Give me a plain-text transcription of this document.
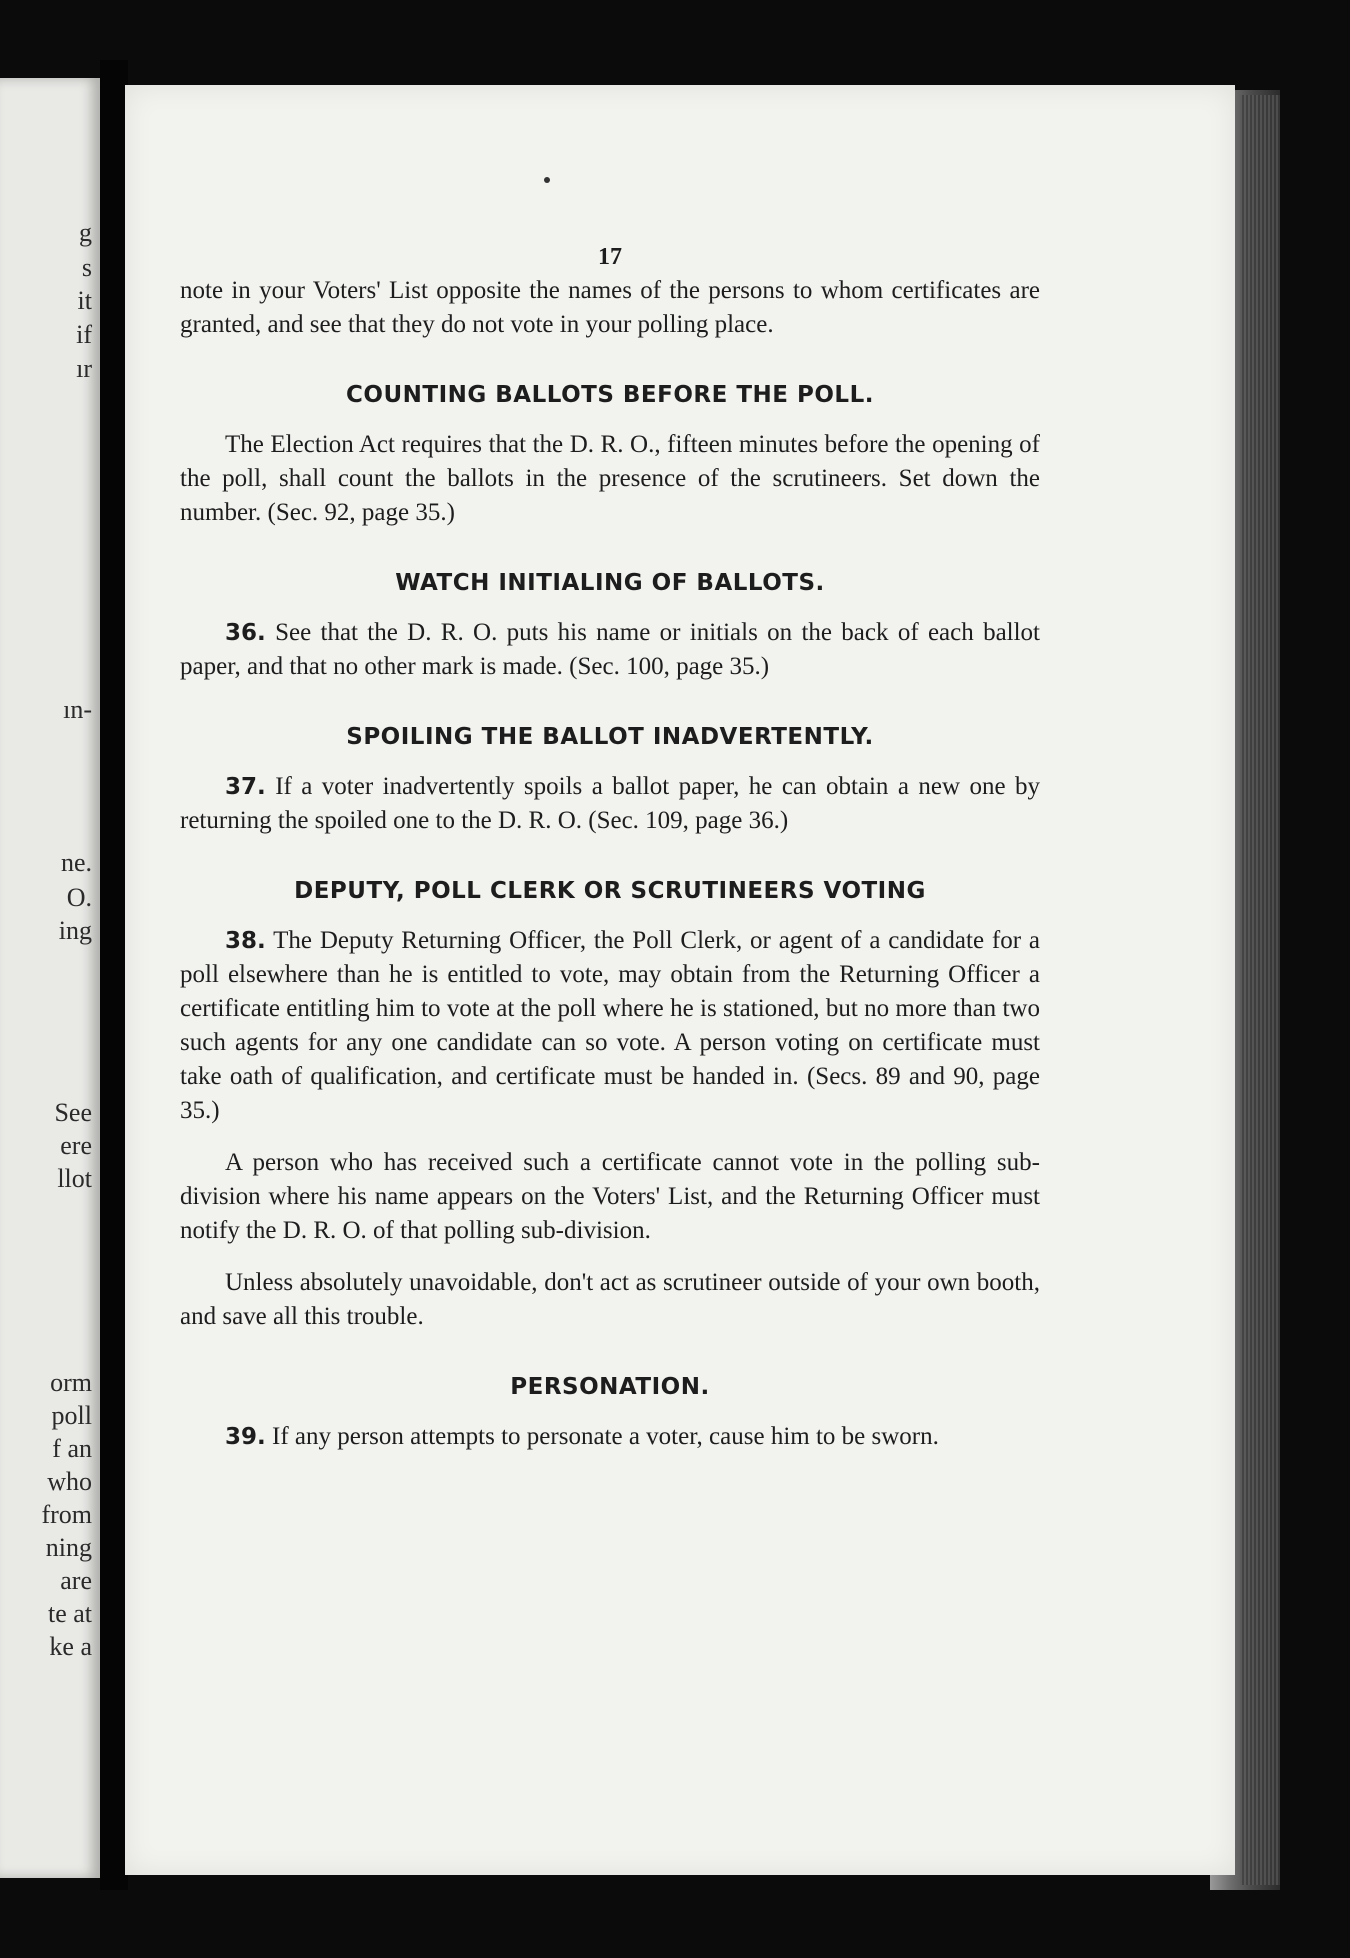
g
s
it
if
ır
ın-
ne.
O.
ing
See
ere
llot
orm
poll
f an
who
from
ning
are
te at
ke a
17

note in your Voters' List opposite the names of the persons to whom certificates are granted, and see that they do not vote in your polling place.

COUNTING BALLOTS BEFORE THE POLL.

The Election Act requires that the D. R. O., fifteen minutes before the opening of the poll, shall count the ballots in the presence of the scrutineers. Set down the number. (Sec. 92, page 35.)

WATCH INITIALING OF BALLOTS.

36. See that the D. R. O. puts his name or initials on the back of each ballot paper, and that no other mark is made. (Sec. 100, page 35.)

SPOILING THE BALLOT INADVERTENTLY.

37. If a voter inadvertently spoils a ballot paper, he can obtain a new one by returning the spoiled one to the D. R. O. (Sec. 109, page 36.)

DEPUTY, POLL CLERK OR SCRUTINEERS VOTING

38. The Deputy Returning Officer, the Poll Clerk, or agent of a candidate for a poll elsewhere than he is entitled to vote, may obtain from the Returning Officer a certificate entitling him to vote at the poll where he is stationed, but no more than two such agents for any one candidate can so vote. A person voting on certificate must take oath of qualification, and certificate must be handed in. (Secs. 89 and 90, page 35.)

A person who has received such a certificate cannot vote in the polling sub-division where his name appears on the Voters' List, and the Returning Officer must notify the D. R. O. of that polling sub-division.

Unless absolutely unavoidable, don't act as scrutineer outside of your own booth, and save all this trouble.

PERSONATION.

39. If any person attempts to personate a voter, cause him to be sworn.
